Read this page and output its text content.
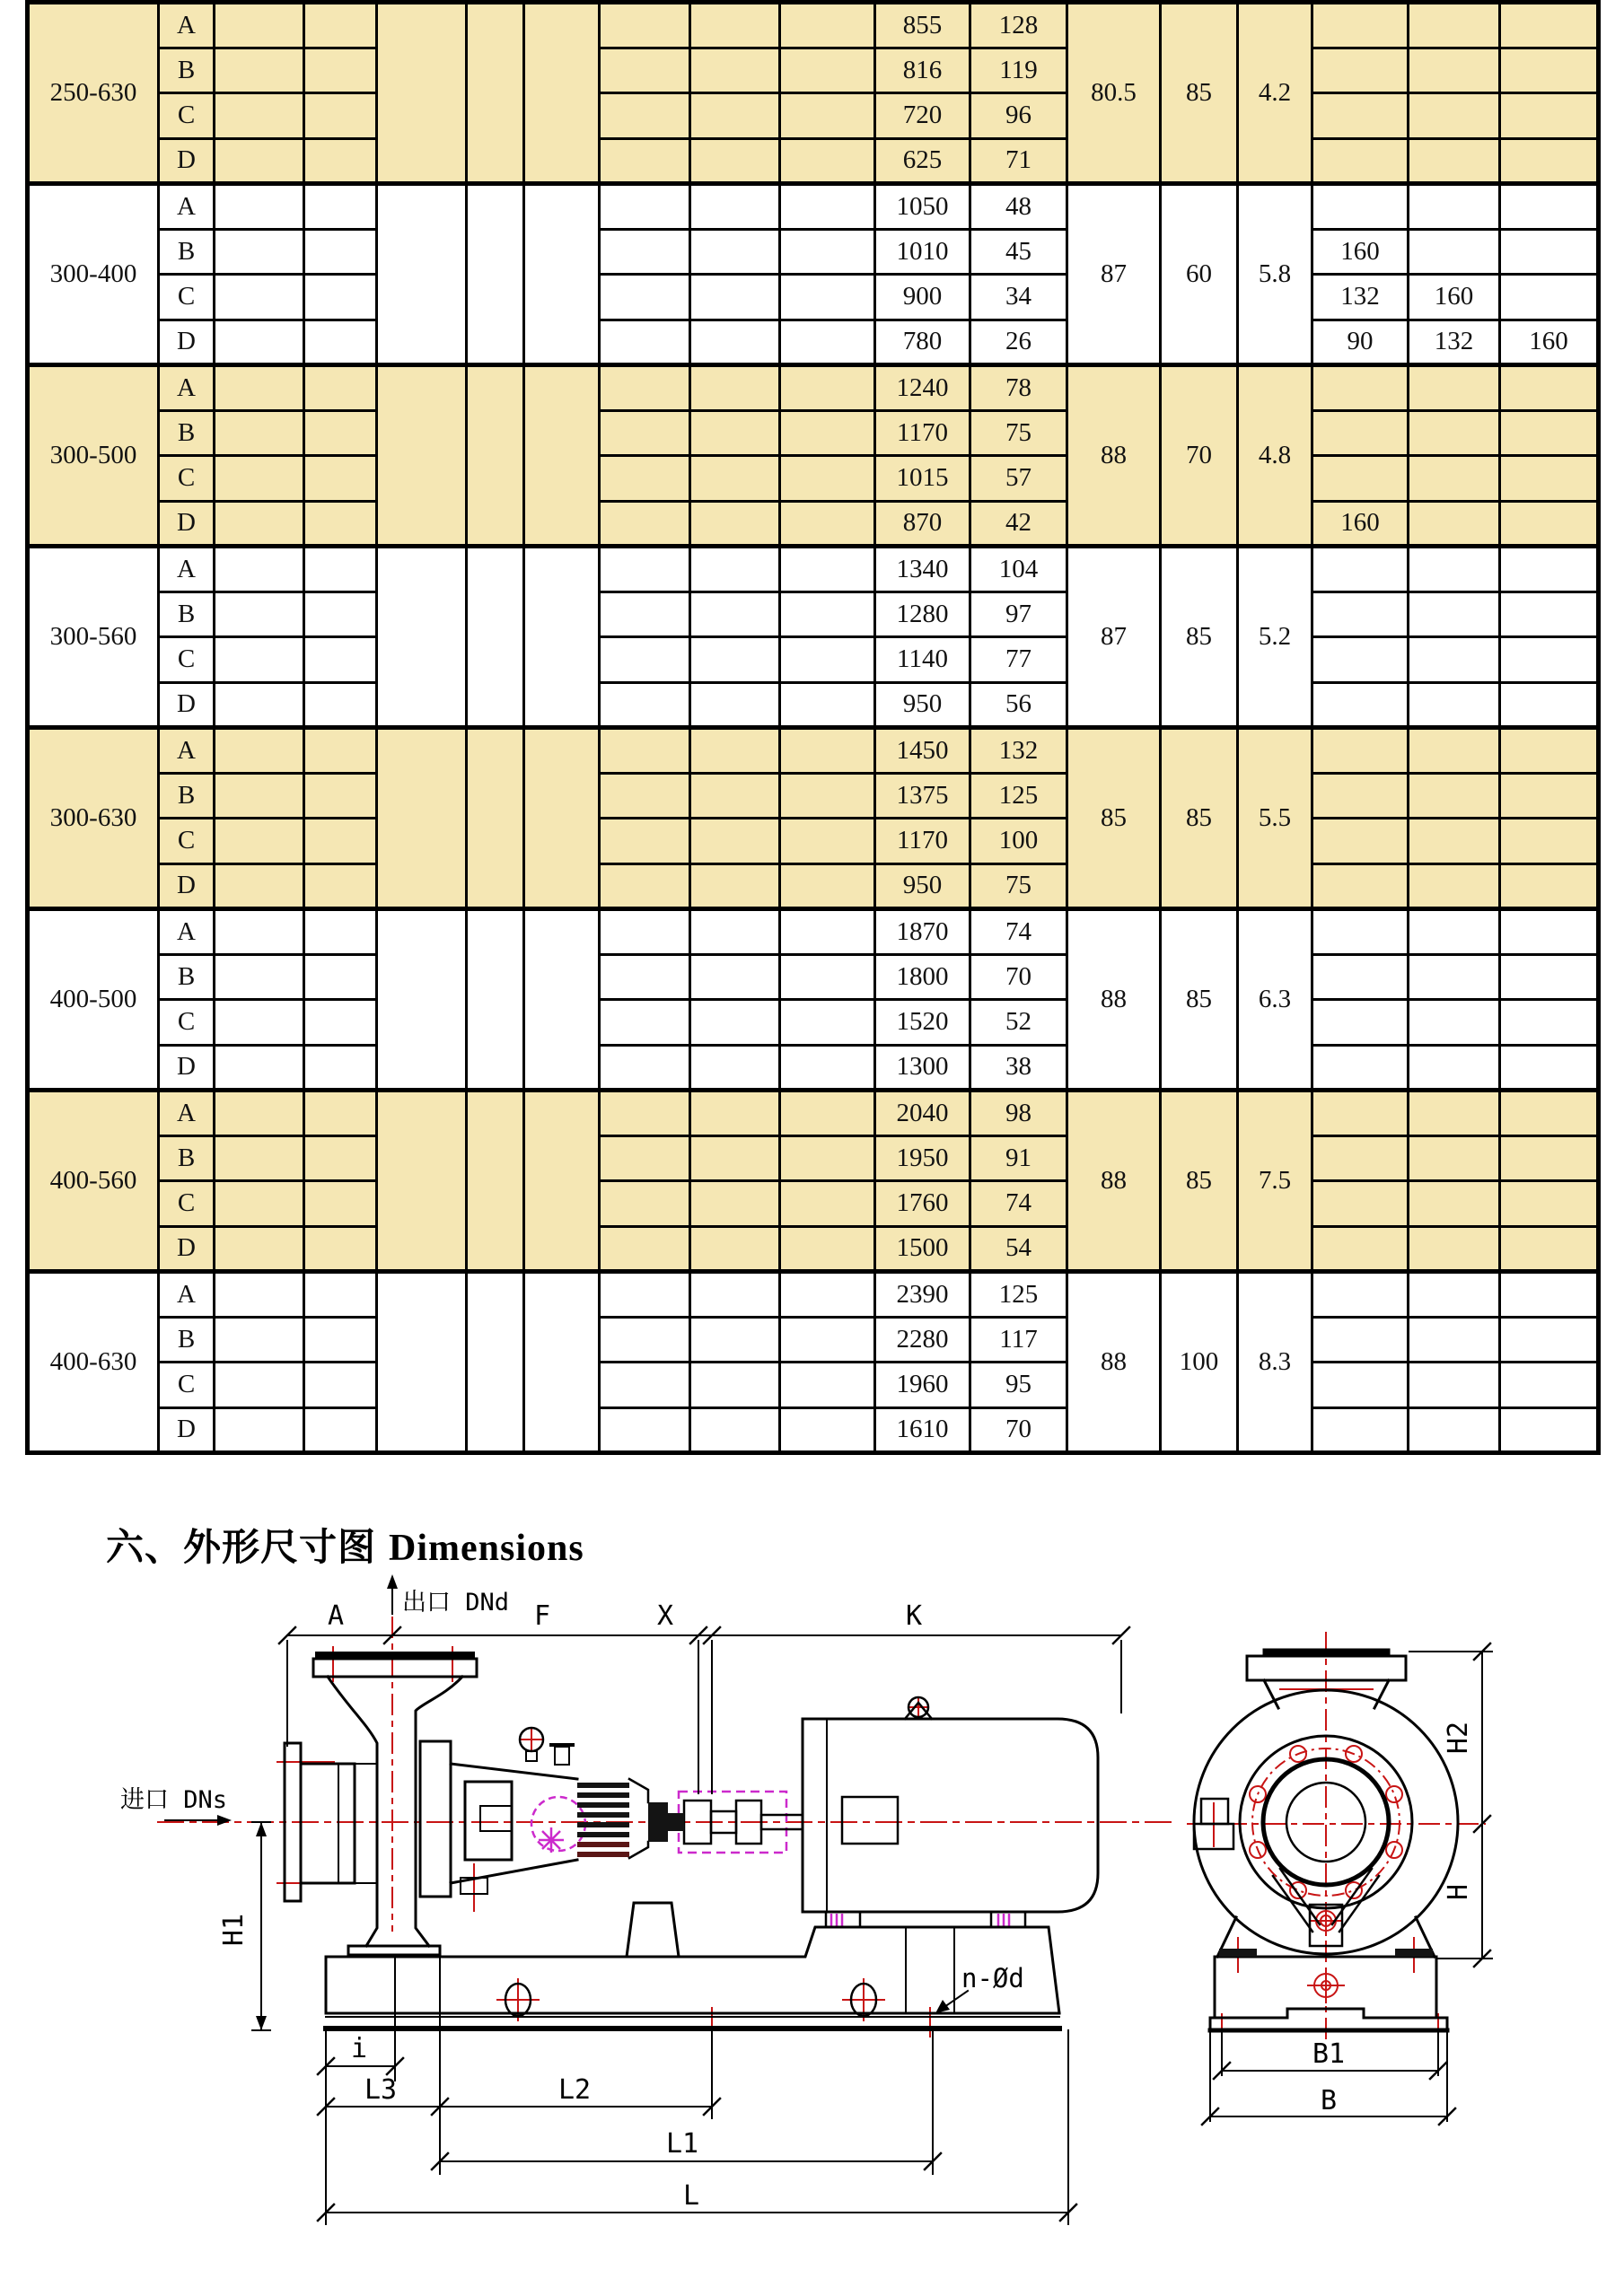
250-630	A									855	128	80.5	85	4.2			
	B									816	119						
	C									720	96						
	D									625	71						
300-400	A									1050	48	87	60	5.8			
	B									1010	45				160		
	C									900	34				132	160	
	D									780	26				90	132	160
300-500	A									1240	78	88	70	4.8			
	B									1170	75						
	C									1015	57						
	D									870	42				160		
300-560	A									1340	104	87	85	5.2			
	B									1280	97						
	C									1140	77						
	D									950	56						
300-630	A									1450	132	85	85	5.5			
	B									1375	125						
	C									1170	100						
	D									950	75						
400-500	A									1870	74	88	85	6.3			
	B									1800	70						
	C									1520	52						
	D									1300	38						
400-560	A									2040	98	88	85	7.5			
	B									1950	91						
	C									1760	74						
	D									1500	54						
400-630	A									2390	125	88	100	8.3			
	B									2280	117						
	C									1960	95						
	D									1610	70						
六、外形尺寸图 Dimensions
A	F	X	K
出口 DNd
进口 DNs
H1
i
L3	L2
L1
L
n-Ød
B1
B
H2
H
